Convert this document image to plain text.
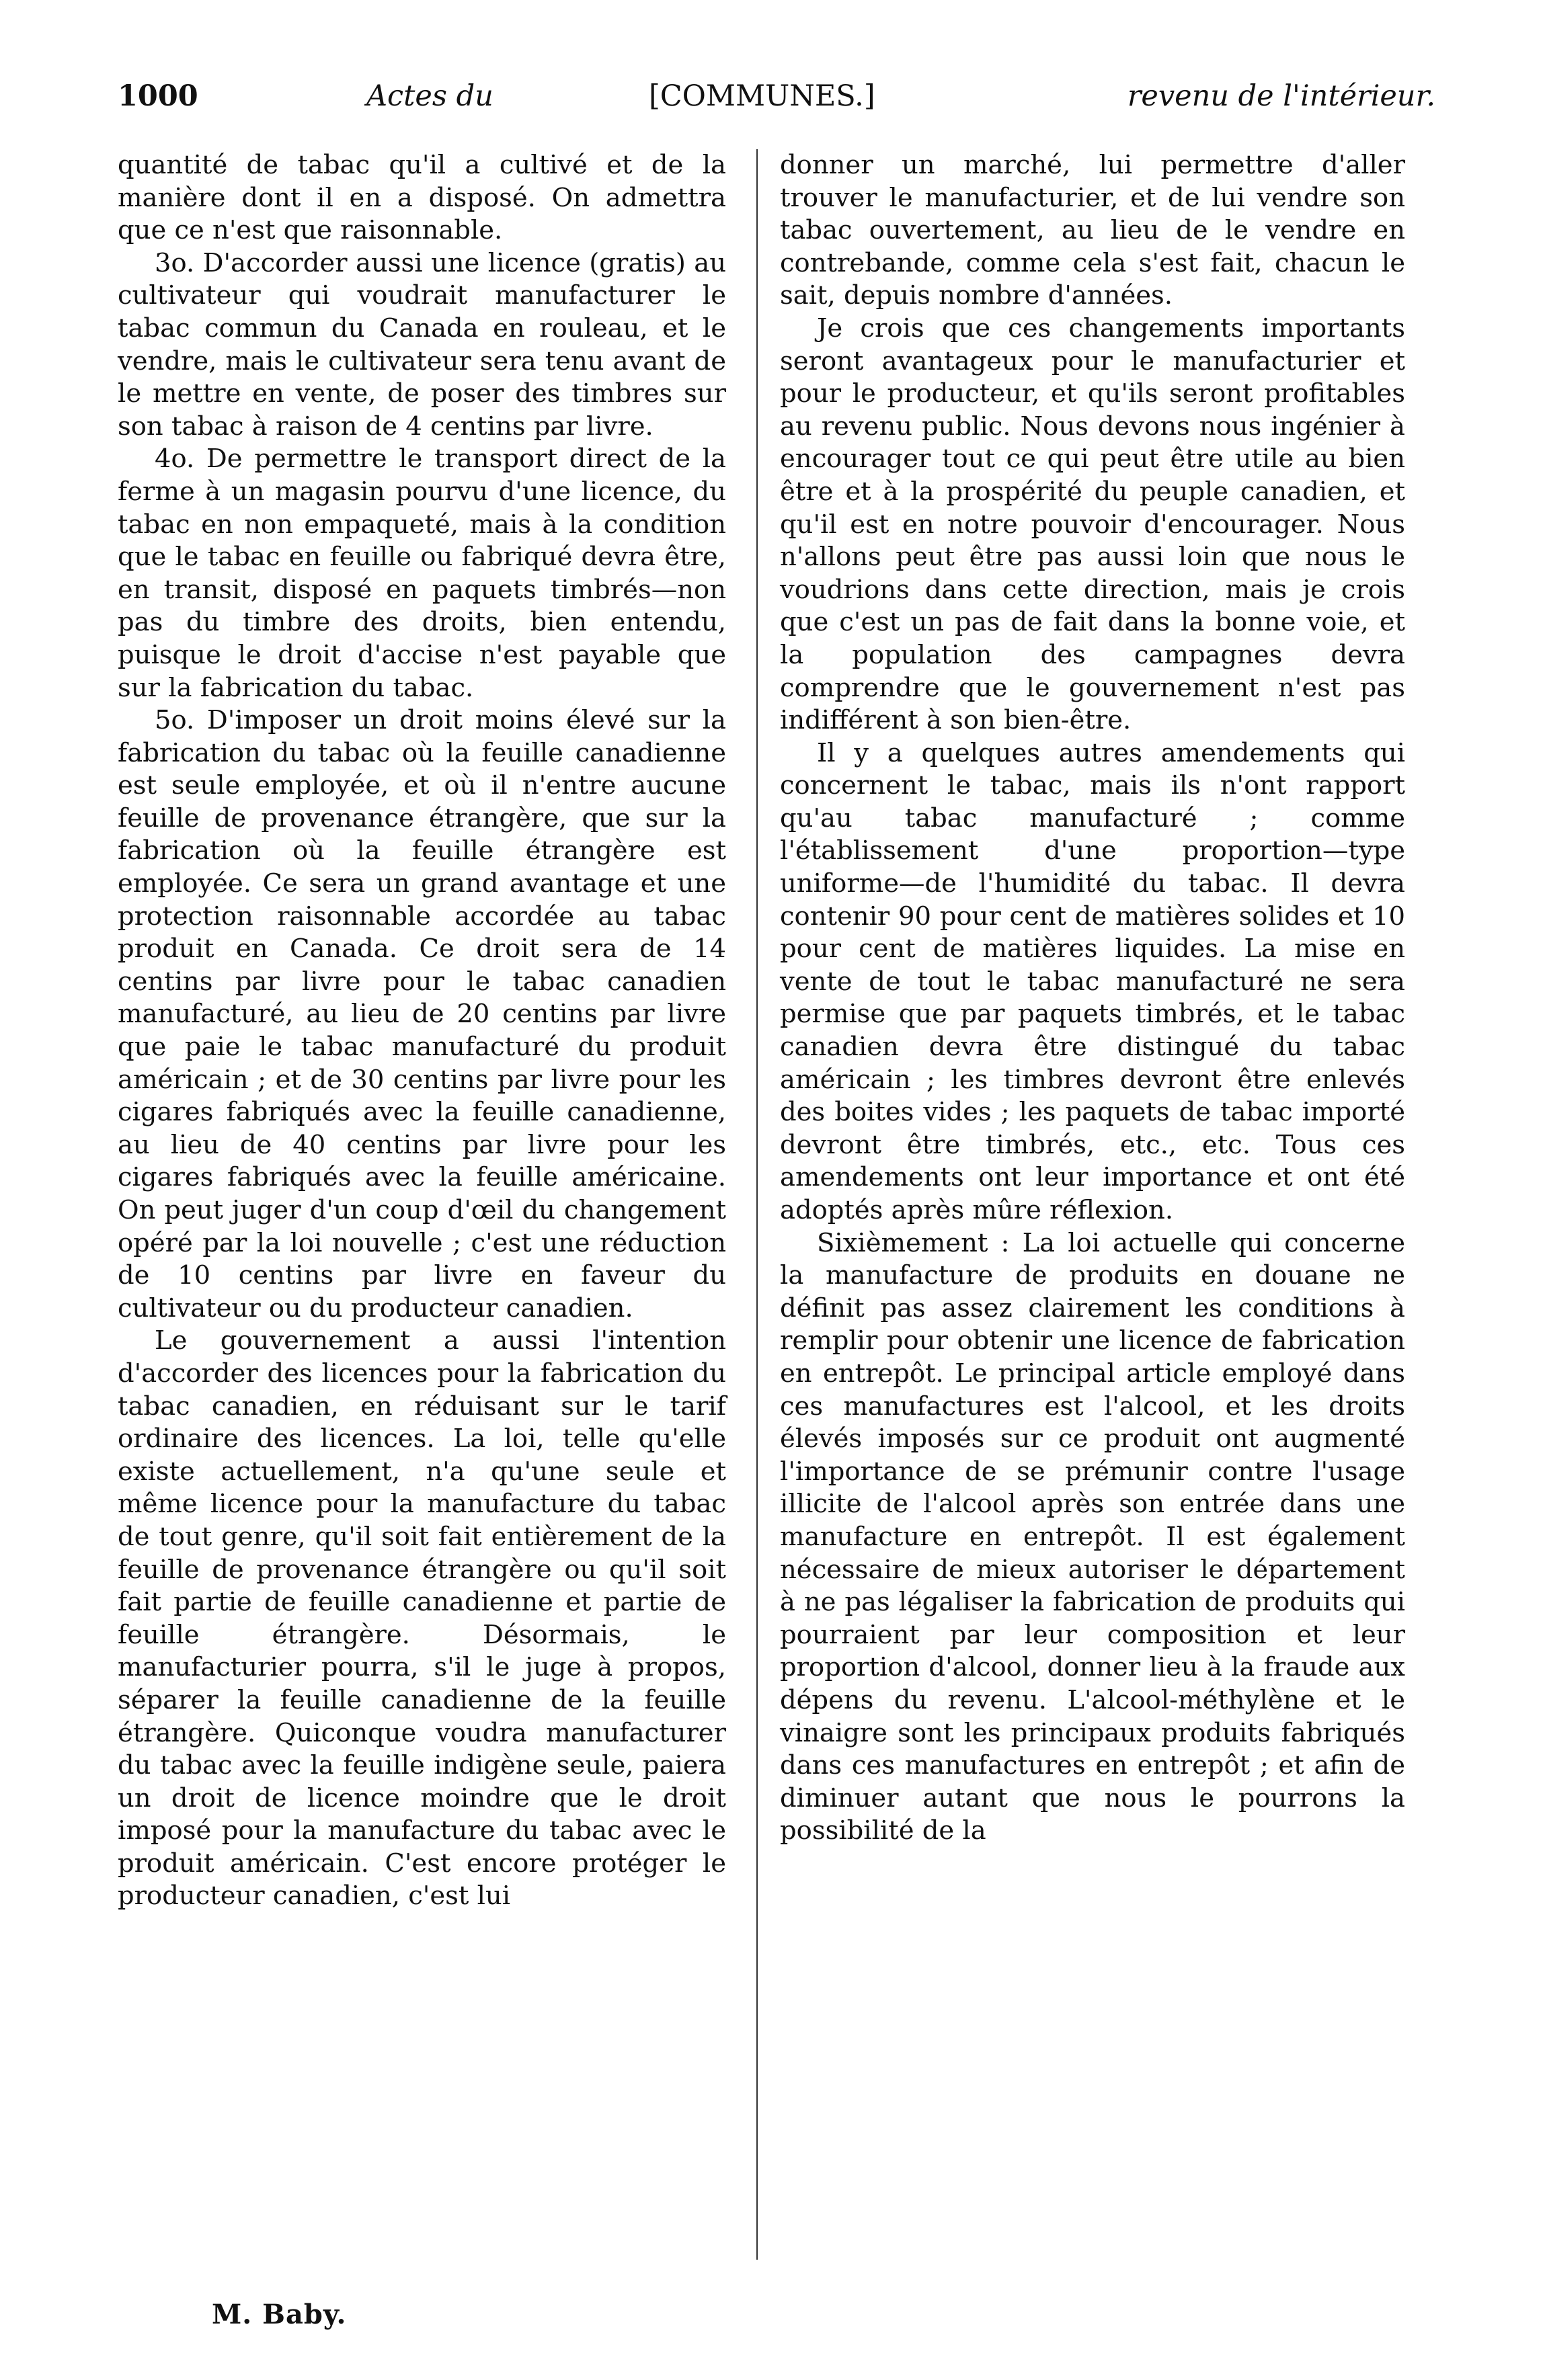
1000	Actes du	[COMMUNES.]	revenu de l'intérieur.

quantité de tabac qu'il a cultivé et de la manière dont il en a disposé. On admettra que ce n'est que raisonnable.

3o. D'accorder aussi une licence (gratis) au cultivateur qui voudrait manufacturer le tabac commun du Canada en rouleau, et le vendre, mais le cultivateur sera tenu avant de le mettre en vente, de poser des timbres sur son tabac à raison de 4 centins par livre.

4o. De permettre le transport direct de la ferme à un magasin pourvu d'une licence, du tabac en non empaqueté, mais à la condition que le tabac en feuille ou fabriqué devra être, en transit, disposé en paquets timbrés—non pas du timbre des droits, bien entendu, puisque le droit d'accise n'est payable que sur la fabrication du tabac.

5o. D'imposer un droit moins élevé sur la fabrication du tabac où la feuille canadienne est seule employée, et où il n'entre aucune feuille de provenance étrangère, que sur la fabrication où la feuille étrangère est employée. Ce sera un grand avantage et une protection raisonnable accordée au tabac produit en Canada. Ce droit sera de 14 centins par livre pour le tabac canadien manufacturé, au lieu de 20 centins par livre que paie le tabac manufacturé du produit américain ; et de 30 centins par livre pour les cigares fabriqués avec la feuille canadienne, au lieu de 40 centins par livre pour les cigares fabriqués avec la feuille américaine. On peut juger d'un coup d'œil du changement opéré par la loi nouvelle ; c'est une réduction de 10 centins par livre en faveur du cultivateur ou du producteur canadien.

Le gouvernement a aussi l'intention d'accorder des licences pour la fabrication du tabac canadien, en réduisant sur le tarif ordinaire des licences. La loi, telle qu'elle existe actuellement, n'a qu'une seule et même licence pour la manufacture du tabac de tout genre, qu'il soit fait entièrement de la feuille de provenance étrangère ou qu'il soit fait partie de feuille canadienne et partie de feuille étrangère. Désormais, le manufacturier pourra, s'il le juge à propos, séparer la feuille canadienne de la feuille étrangère. Quiconque voudra manufacturer du tabac avec la feuille indigène seule, paiera un droit de licence moindre que le droit imposé pour la manufacture du tabac avec le produit américain. C'est encore protéger le producteur canadien, c'est lui

donner un marché, lui permettre d'aller trouver le manufacturier, et de lui vendre son tabac ouvertement, au lieu de le vendre en contrebande, comme cela s'est fait, chacun le sait, depuis nombre d'années.

Je crois que ces changements importants seront avantageux pour le manufacturier et pour le producteur, et qu'ils seront profitables au revenu public. Nous devons nous ingénier à encourager tout ce qui peut être utile au bien être et à la prospérité du peuple canadien, et qu'il est en notre pouvoir d'encourager. Nous n'allons peut être pas aussi loin que nous le voudrions dans cette direction, mais je crois que c'est un pas de fait dans la bonne voie, et la population des campagnes devra comprendre que le gouvernement n'est pas indifférent à son bien-être.

Il y a quelques autres amendements qui concernent le tabac, mais ils n'ont rapport qu'au tabac manufacturé ; comme l'établissement d'une proportion—type uniforme—de l'humidité du tabac. Il devra contenir 90 pour cent de matières solides et 10 pour cent de matières liquides. La mise en vente de tout le tabac manufacturé ne sera permise que par paquets timbrés, et le tabac canadien devra être distingué du tabac américain ; les timbres devront être enlevés des boites vides ; les paquets de tabac importé devront être timbrés, etc., etc. Tous ces amendements ont leur importance et ont été adoptés après mûre réflexion.

Sixièmement : La loi actuelle qui concerne la manufacture de produits en douane ne définit pas assez clairement les conditions à remplir pour obtenir une licence de fabrication en entrepôt. Le principal article employé dans ces manufactures est l'alcool, et les droits élevés imposés sur ce produit ont augmenté l'importance de se prémunir contre l'usage illicite de l'alcool après son entrée dans une manufacture en entrepôt. Il est également nécessaire de mieux autoriser le département à ne pas légaliser la fabrication de produits qui pourraient par leur composition et leur proportion d'alcool, donner lieu à la fraude aux dépens du revenu. L'alcool-méthylène et le vinaigre sont les principaux produits fabriqués dans ces manufactures en entrepôt ; et afin de diminuer autant que nous le pourrons la possibilité de la

M. Baby.
